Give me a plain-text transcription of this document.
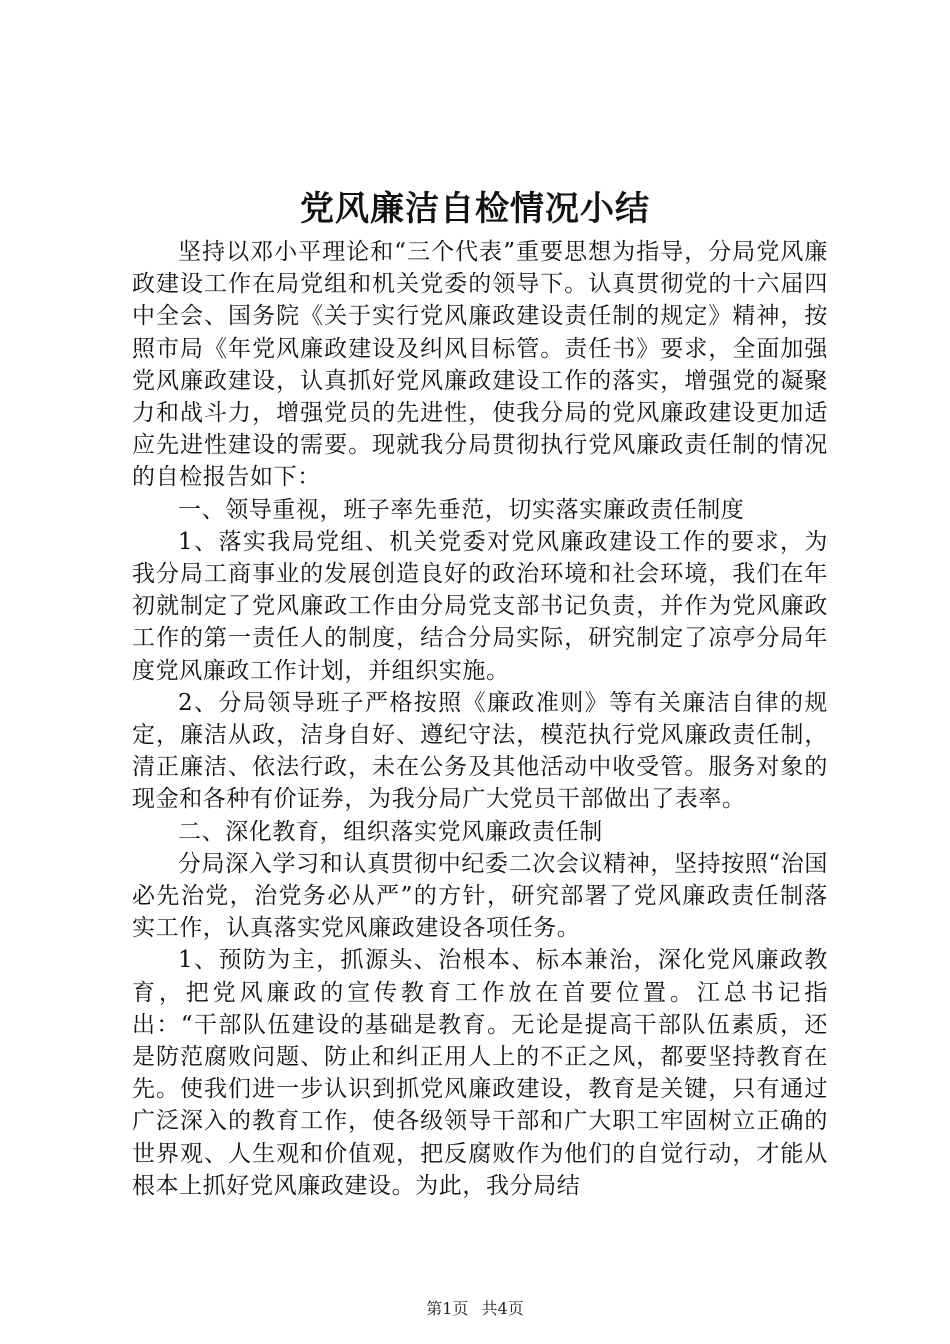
党风廉洁自检情况小结

坚持以邓小平理论和“三个代表”重要思想为指导，分局党风廉政建设工作在局党组和机关党委的领导下。认真贯彻党的十六届四中全会、国务院《关于实行党风廉政建设责任制的规定》精神，按照市局《年党风廉政建设及纠风目标管。责任书》要求，全面加强党风廉政建设，认真抓好党风廉政建设工作的落实，增强党的凝聚力和战斗力，增强党员的先进性，使我分局的党风廉政建设更加适应先进性建设的需要。现就我分局贯彻执行党风廉政责任制的情况的自检报告如下：

一、领导重视，班子率先垂范，切实落实廉政责任制度

1、落实我局党组、机关党委对党风廉政建设工作的要求，为我分局工商事业的发展创造良好的政治环境和社会环境，我们在年初就制定了党风廉政工作由分局党支部书记负责，并作为党风廉政工作的第一责任人的制度，结合分局实际，研究制定了凉亭分局年度党风廉政工作计划，并组织实施。

2、分局领导班子严格按照《廉政准则》等有关廉洁自律的规定，廉洁从政，洁身自好、遵纪守法，模范执行党风廉政责任制，清正廉洁、依法行政，未在公务及其他活动中收受管。服务对象的现金和各种有价证券，为我分局广大党员干部做出了表率。

二、深化教育，组织落实党风廉政责任制

分局深入学习和认真贯彻中纪委二次会议精神，坚持按照“治国必先治党，治党务必从严”的方针，研究部署了党风廉政责任制落实工作，认真落实党风廉政建设各项任务。

1、预防为主，抓源头、治根本、标本兼治，深化党风廉政教育，把党风廉政的宣传教育工作放在首要位置。江总书记指出：“干部队伍建设的基础是教育。无论是提高干部队伍素质，还是防范腐败问题、防止和纠正用人上的不正之风，都要坚持教育在先。使我们进一步认识到抓党风廉政建设，教育是关键，只有通过广泛深入的教育工作，使各级领导干部和广大职工牢固树立正确的世界观、人生观和价值观，把反腐败作为他们的自觉行动，才能从根本上抓好党风廉政建设。为此，我分局结

第1页 共4页
